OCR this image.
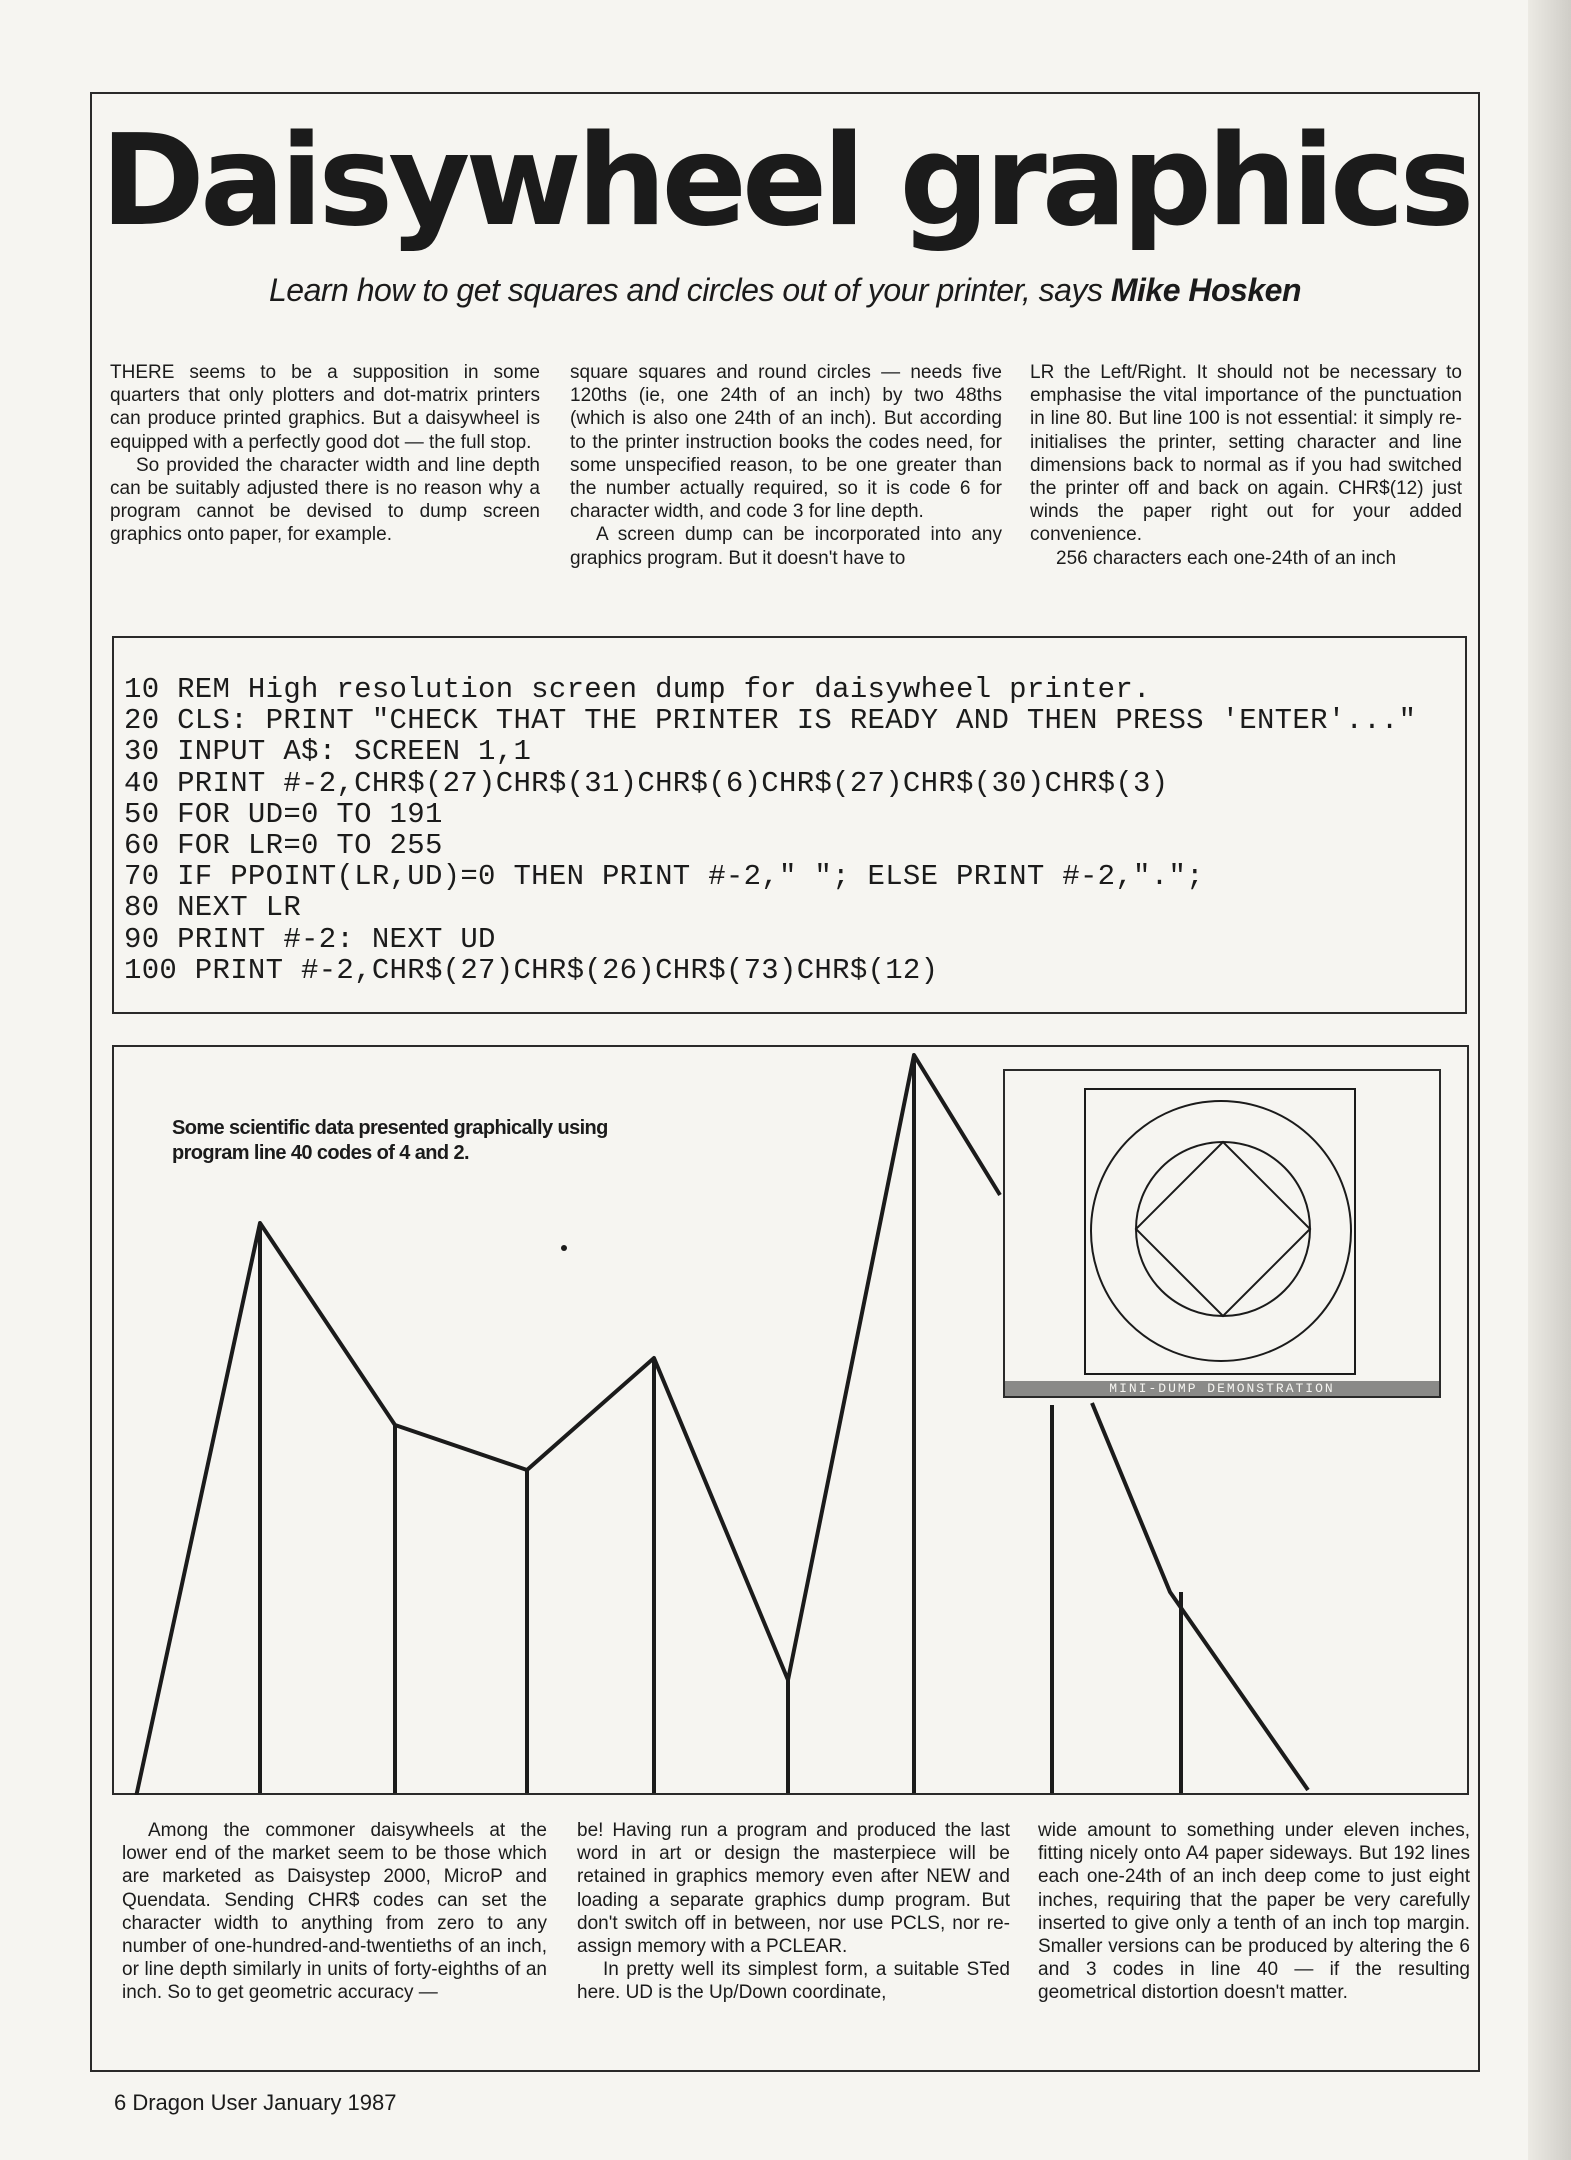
Daisywheel graphics

Learn how to get squares and circles out of your printer, says Mike Hosken

THERE seems to be a supposition in some quarters that only plotters and dot-matrix printers can produce printed graphics. But a daisywheel is equipped with a perfectly good dot — the full stop.

So provided the character width and line depth can be suitably adjusted there is no reason why a program cannot be devised to dump screen graphics onto paper, for example.

square squares and round circles — needs five 120ths (ie, one 24th of an inch) by two 48ths (which is also one 24th of an inch). But according to the printer instruction books the codes need, for some unspecified reason, to be one greater than the number actually required, so it is code 6 for character width, and code 3 for line depth.

A screen dump can be incorporated into any graphics program. But it doesn't have to

LR the Left/Right. It should not be necessary to emphasise the vital importance of the punctuation in line 80. But line 100 is not essential: it simply re-initialises the printer, setting character and line dimensions back to normal as if you had switched the printer off and back on again. CHR$(12) just winds the paper right out for your added convenience.

256 characters each one-24th of an inch

10 REM High resolution screen dump for daisywheel printer.
20 CLS: PRINT "CHECK THAT THE PRINTER IS READY AND THEN PRESS 'ENTER'..."
30 INPUT A$: SCREEN 1,1
40 PRINT #-2,CHR$(27)CHR$(31)CHR$(6)CHR$(27)CHR$(30)CHR$(3)
50 FOR UD=0 TO 191
60 FOR LR=0 TO 255
70 IF PPOINT(LR,UD)=0 THEN PRINT #-2," "; ELSE PRINT #-2,".";
80 NEXT LR
90 PRINT #-2: NEXT UD
100 PRINT #-2,CHR$(27)CHR$(26)CHR$(73)CHR$(12)

Some scientific data presented graphically using program line 40 codes of 4 and 2.

MINI-DUMP DEMONSTRATION

Among the commoner daisywheels at the lower end of the market seem to be those which are marketed as Daisystep 2000, MicroP and Quendata. Sending CHR$ codes can set the character width to anything from zero to any number of one-hundred-and-twentieths of an inch, or line depth similarly in units of forty-eighths of an inch. So to get geometric accuracy —

be! Having run a program and produced the last word in art or design the masterpiece will be retained in graphics memory even after NEW and loading a separate graphics dump program. But don't switch off in between, nor use PCLS, nor re-assign memory with a PCLEAR.

In pretty well its simplest form, a suitable STed here. UD is the Up/Down coordinate,

wide amount to something under eleven inches, fitting nicely onto A4 paper sideways. But 192 lines each one-24th of an inch deep come to just eight inches, requiring that the paper be very carefully inserted to give only a tenth of an inch top margin. Smaller versions can be produced by altering the 6 and 3 codes in line 40 — if the resulting geometrical distortion doesn't matter.

6 Dragon User January 1987
